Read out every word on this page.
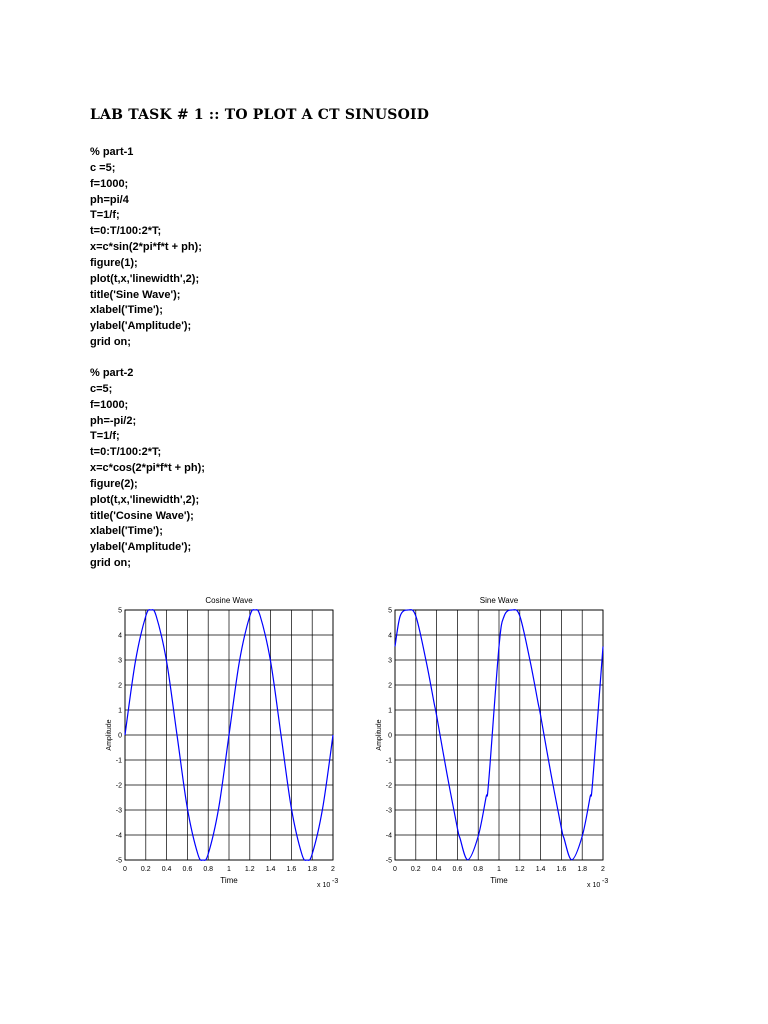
LAB TASK # 1 :: TO PLOT A CT SINUSOID
% part-1
c =5;
f=1000;
ph=pi/4
T=1/f;
t=0:T/100:2*T;
x=c*sin(2*pi*f*t + ph);
figure(1);
plot(t,x,'linewidth',2);
title('Sine Wave');
xlabel('Time');
ylabel('Amplitude');
grid on;
% part-2
c=5;
f=1000;
ph=-pi/2;
T=1/f;
t=0:T/100:2*T;
x=c*cos(2*pi*f*t + ph);
figure(2);
plot(t,x,'linewidth',2);
title('Cosine Wave');
xlabel('Time');
ylabel('Amplitude');
grid on;
0 0.2 0.4 0.6 0.8 1 1.2 1.4 1.6 1.8 2
5
4
3
2
1
0
-1
-2
-3
-4
-5
Cosine Wave
Time
Amplitude
x 10
-3
0 0.2 0.4 0.6 0.8 1 1.2 1.4 1.6 1.8 2
5
4
3
2
1
0
-1
-2
-3
-4
-5
Sine Wave
Time
Amplitude
x 10
-3
